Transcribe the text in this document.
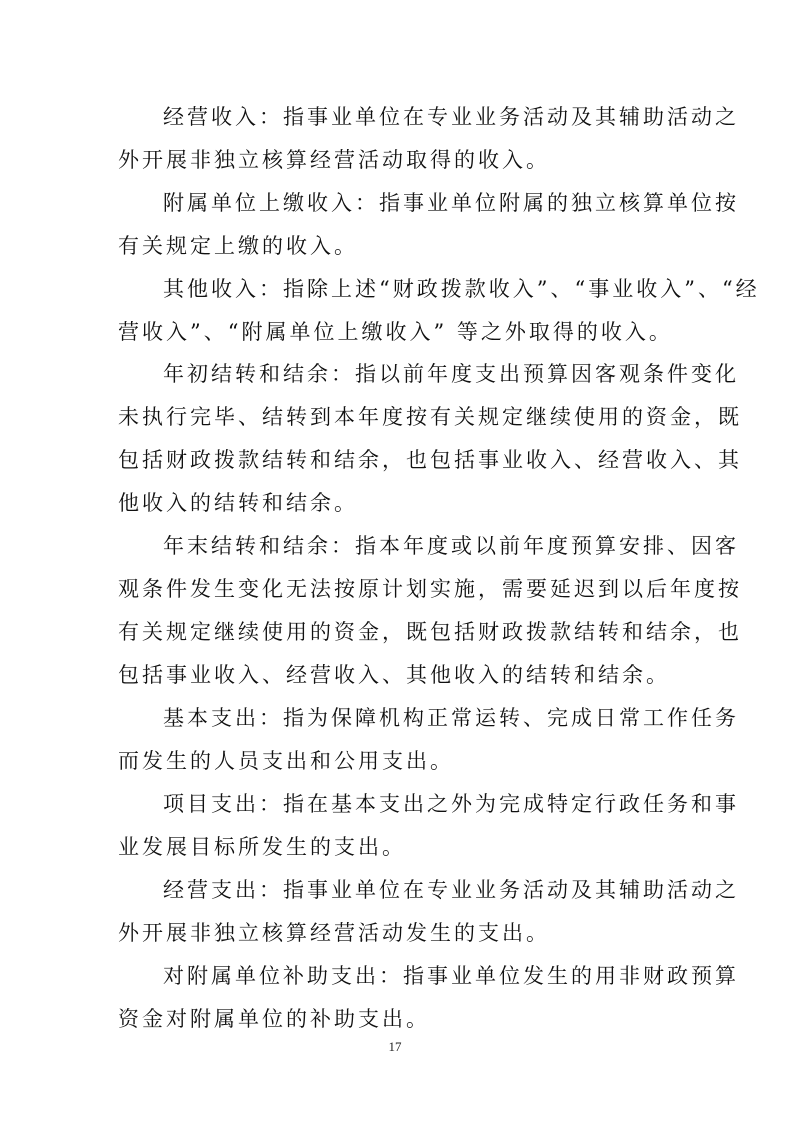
经营收入：指事业单位在专业业务活动及其辅助活动之
外开展非独立核算经营活动取得的收入。
附属单位上缴收入：指事业单位附属的独立核算单位按
有关规定上缴的收入。
其他收入：指除上述“财政拨款收入”、“事业收入”、“经
营收入”、“附属单位上缴收入” 等之外取得的收入。
年初结转和结余：指以前年度支出预算因客观条件变化
未执行完毕、结转到本年度按有关规定继续使用的资金，既
包括财政拨款结转和结余，也包括事业收入、经营收入、其
他收入的结转和结余。
年末结转和结余：指本年度或以前年度预算安排、因客
观条件发生变化无法按原计划实施，需要延迟到以后年度按
有关规定继续使用的资金，既包括财政拨款结转和结余，也
包括事业收入、经营收入、其他收入的结转和结余。
基本支出：指为保障机构正常运转、完成日常工作任务
而发生的人员支出和公用支出。
项目支出：指在基本支出之外为完成特定行政任务和事
业发展目标所发生的支出。
经营支出：指事业单位在专业业务活动及其辅助活动之
外开展非独立核算经营活动发生的支出。
对附属单位补助支出：指事业单位发生的用非财政预算
资金对附属单位的补助支出。
17
